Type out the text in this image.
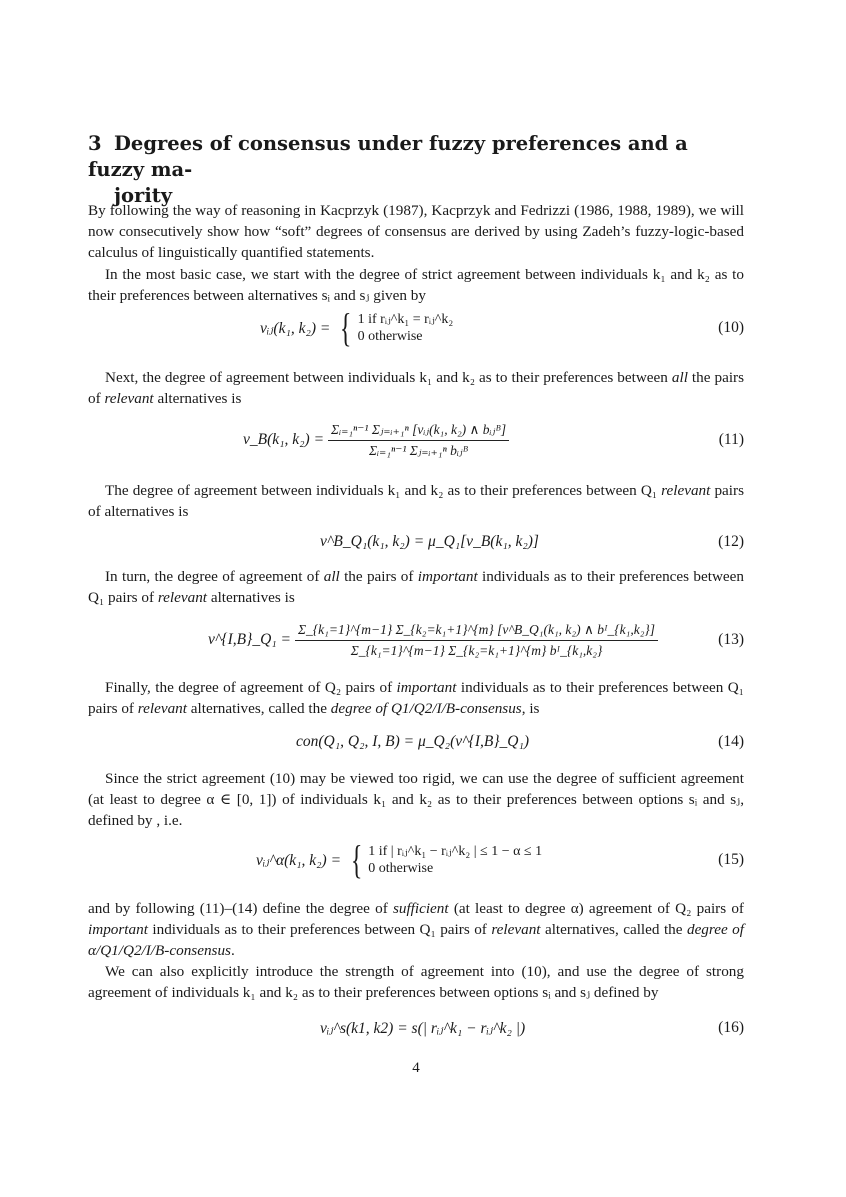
3 Degrees of consensus under fuzzy preferences and a fuzzy ma-
jority
By following the way of reasoning in Kacprzyk (1987), Kacprzyk and Fedrizzi (1986, 1988, 1989), we will now consecutively show how “soft” degrees of consensus are derived by using Zadeh’s fuzzy-logic-based calculus of linguistically quantified statements.
In the most basic case, we start with the degree of strict agreement between individuals k₁ and k₂ as to their preferences between alternatives sᵢ and sⱼ given by
vᵢⱼ(k₁, k₂) = { 1 if rᵢⱼ^k₁ = rᵢⱼ^k₂
0 otherwise
(10)
Next, the degree of agreement between individuals k₁ and k₂ as to their preferences between all the pairs of relevant alternatives is
v_B(k₁, $k_2) = \frac{\text{Σᵢ₌₁ⁿ⁻¹ Σⱼ₌ᵢ₊₁ⁿ [vᵢⱼ(k₁, k₂) ∧ bᵢⱼᴮ]}}{\text{Σᵢ₌₁ⁿ⁻¹ Σⱼ₌ᵢ₊₁ⁿ bᵢⱼᴮ}}$	(11)
The degree of agreement between individuals k₁ and k₂ as to their preferences between Q₁ relevant pairs of alternatives is
v^B_Q₁(k₁, k₂) = μ_Q₁[v_B(k₁, k₂)]	(12)
In turn, the degree of agreement of all the pairs of important individuals as to their preferences between Q₁ pairs of relevant alternatives is
v^{I,B}_Q₁ = $\frac{\text{Σ\_\{k₁=1\}\textasciicircum{}\{m−1\} Σ\_\{k₂=k₁+1\}\textasciicircum{}\{m\} [v\textasciicircum{}B\_Q₁(k₁, k₂) ∧ bᴵ\_\{k₁,k₂\}]}}{\text{Σ\_\{k₁=1\}\textasciicircum{}\{m−1\} Σ\_\{k₂=k₁+1\}\textasciicircum{}\{m\} bᴵ\_\{k₁,k₂\}}}$	(13)
Finally, the degree of agreement of Q₂ pairs of important individuals as to their preferences between Q₁ pairs of relevant alternatives, called the degree of Q1/Q2/I/B-consensus, is
con(Q₁, Q₂, I, B) = μ_Q₂(v^{I,B}_Q₁)	(14)
Since the strict agreement (10) may be viewed too rigid, we can use the degree of sufficient agreement (at least to degree α ∈ [0, 1]) of individuals k₁ and k₂ as to their preferences between options sᵢ and sⱼ, defined by , i.e.
vᵢⱼ^α(k₁, k₂) = { 1 if | rᵢⱼ^k₁ − rᵢⱼ^k₂ | ≤ 1 − α ≤ 1
0 otherwise
(15)
and by following (11)–(14) define the degree of sufficient (at least to degree α) agreement of Q₂ pairs of important individuals as to their preferences between Q₁ pairs of relevant alternatives, called the degree of α/Q1/Q2/I/B-consensus.
We can also explicitly introduce the strength of agreement into (10), and use the degree of strong agreement of individuals k₁ and k₂ as to their preferences between options sᵢ and sⱼ defined by
vᵢⱼ^s(k1, k2) = s(| rᵢⱼ^k₁ − rᵢⱼ^k₂ |)	(16)
4
